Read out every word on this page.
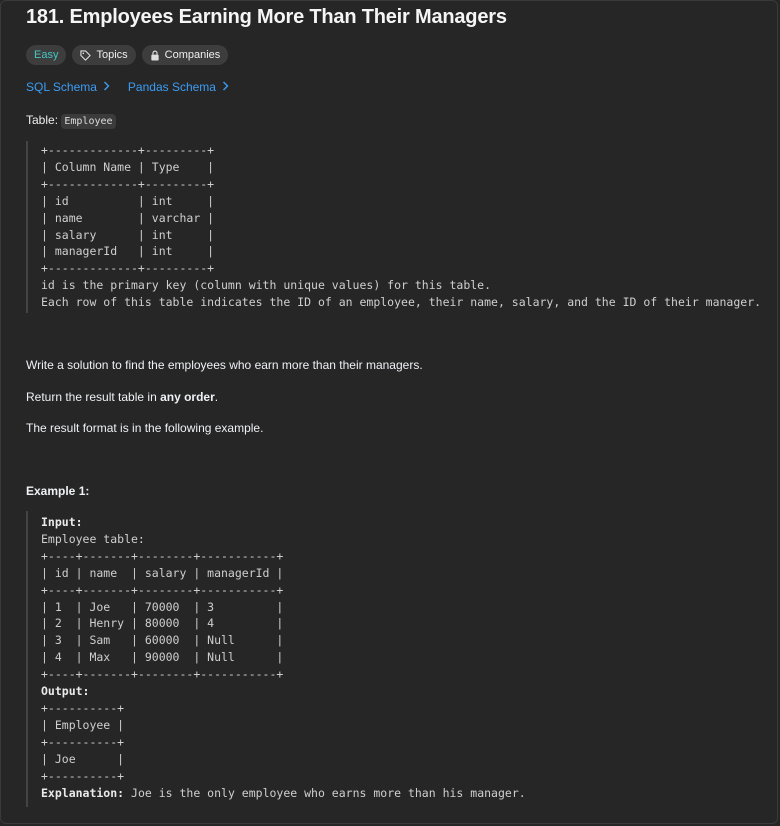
181. Employees Earning More Than Their Managers
Easy	Topics	Companies
SQL Schema	Pandas Schema
Table: Employee
+-------------+---------+
| Column Name | Type    |
+-------------+---------+
| id          | int     |
| name        | varchar |
| salary      | int     |
| managerId   | int     |
+-------------+---------+
id is the primary key (column with unique values) for this table.
Each row of this table indicates the ID of an employee, their name, salary, and the ID of their manager.
Write a solution to find the employees who earn more than their managers.
Return the result table in any order.
The result format is in the following example.
Example 1:
Input:
Employee table:
+----+-------+--------+-----------+
| id | name  | salary | managerId |
+----+-------+--------+-----------+
| 1  | Joe   | 70000  | 3         |
| 2  | Henry | 80000  | 4         |
| 3  | Sam   | 60000  | Null      |
| 4  | Max   | 90000  | Null      |
+----+-------+--------+-----------+
Output:
+----------+
| Employee |
+----------+
| Joe      |
+----------+
Explanation: Joe is the only employee who earns more than his manager.
